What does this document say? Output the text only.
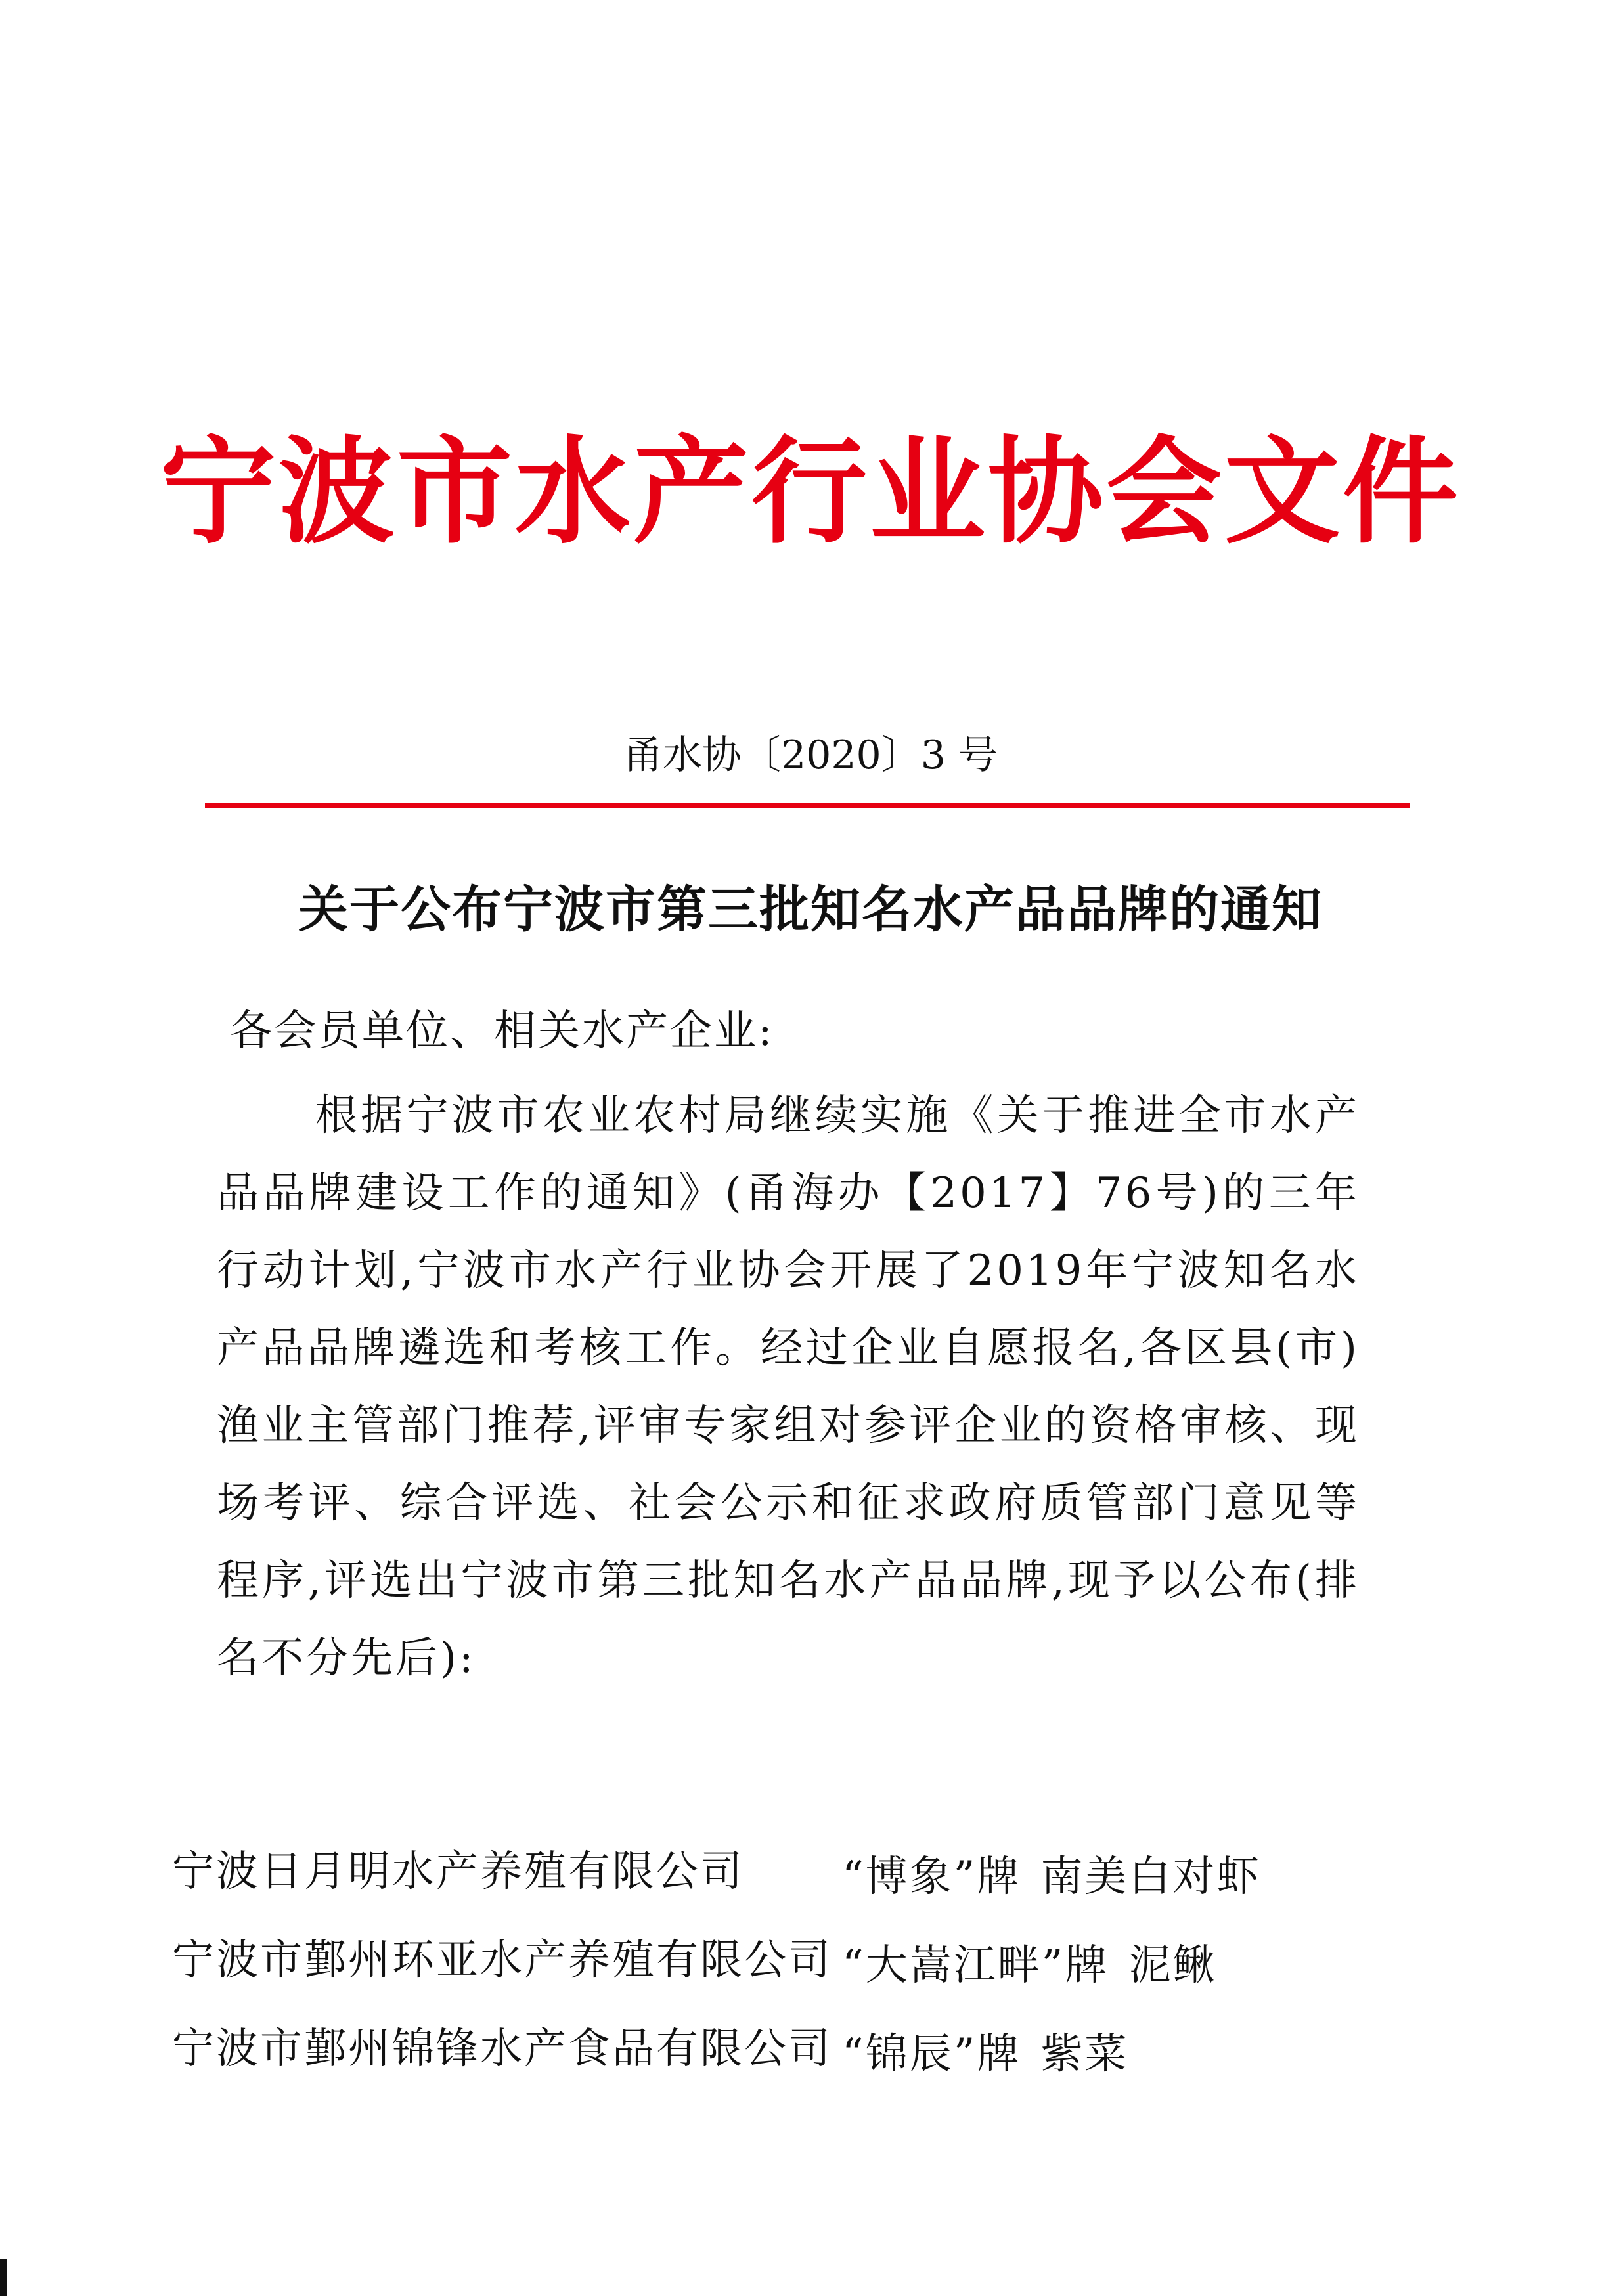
宁波市水产行业协会文件
甬水协〔2020〕3 号
关于公布宁波市第三批知名水产品品牌的通知
各会员单位、相关水产企业:
根据宁波市农业农村局继续实施《关于推进全市水产品品牌建设工作的通知》(甬海办【2017】76号)的三年行动计划,宁波市水产行业协会开展了2019年宁波知名水产品品牌遴选和考核工作。经过企业自愿报名,各区县(市)渔业主管部门推荐,评审专家组对参评企业的资格审核、现场考评、综合评选、社会公示和征求政府质管部门意见等程序,评选出宁波市第三批知名水产品品牌,现予以公布(排名不分先后):
宁波日月明水产养殖有限公司 “博象”牌 南美白对虾
宁波市鄞州环亚水产养殖有限公司 “大嵩江畔”牌 泥鳅
宁波市鄞州锦锋水产食品有限公司 “锦辰”牌 紫菜
